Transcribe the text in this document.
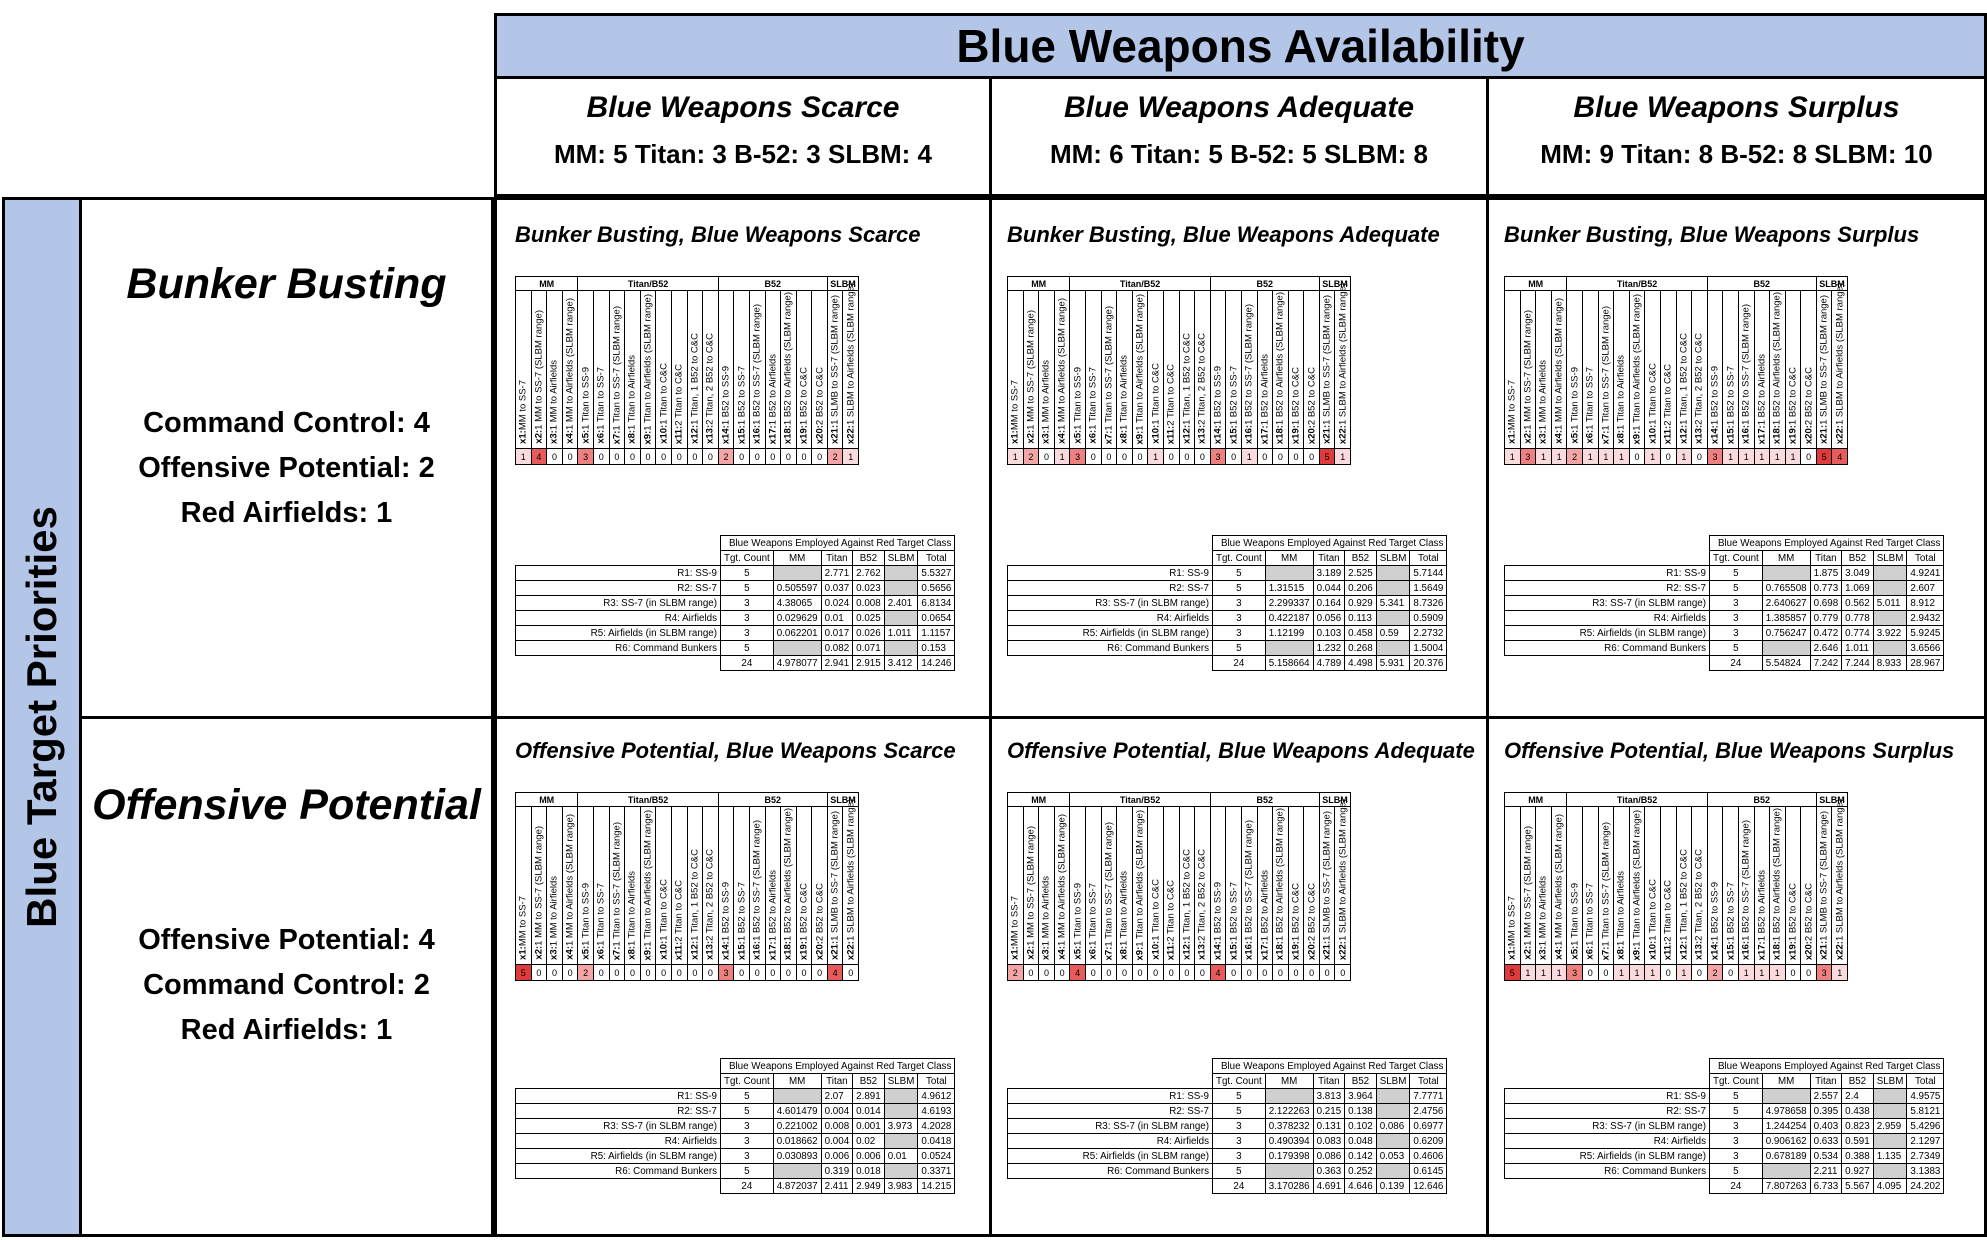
Blue Weapons Availability
Blue Weapons Scarce
MM: 5 Titan: 3 B-52: 3 SLBM: 4
Blue Weapons Adequate
MM: 6 Titan: 5 B-52: 5 SLBM: 8
Blue Weapons Surplus
MM: 9 Titan: 8 B-52: 8 SLBM: 10
Blue Target Priorities
Bunker Busting
Command Control: 4
Offensive Potential: 2
Red Airfields: 1
Offensive Potential
Offensive Potential: 4
Command Control: 2
Red Airfields: 1
Bunker Busting, Blue Weapons Scarce
MM				Titan/B52									B52							SLBM	

x1:MM to SS-7	x2:1 MM to SS-7 (SLBM range)	x3:1 MM to Airfields	x4:1 MM to Airfields (SLBM range)	x5:1 Titan to SS-9	x6:1 Titan to SS-7	x7:1 Titan to SS-7 (SLBM range)	x8:1 Titan to Airfields	x9:1 Titan to Airfields (SLBM range)	x10:1 Titan to C&C	x11:2 Titan to C&C	x12:1 Titan, 1 B52 to C&C	x13:2 Titan, 2 B52 to C&C	x14:1 B52 to SS-9	x15:1 B52 to SS-7	x16:1 B52 to SS-7 (SLBM range)	x17:1 B52 to Airfields	x18:1 B52 to Airfields (SLBM range)	x19:1 B52 to C&C	x20:2 B52 to C&C	x21:1 SLMB to SS-7 (SLBM range)	x22:1 SLBM to Airfields (SLBM range)

1	4	0	0	3	0	0	0	0	0	0	0	0	2	0	0	0	0	0	0	2	1
	Blue Weapons Employed Against Red Target Class					
	Tgt. Count	MM	Titan	B52	SLBM	Total
R1: SS-9	5		2.771	2.762		5.5327
R2: SS-7	5	0.505597	0.037	0.023		0.5656
R3: SS-7 (in SLBM range)	3	4.38065	0.024	0.008	2.401	6.8134
R4: Airfields	3	0.029629	0.01	0.025		0.0654
R5: Airfields (in SLBM range)	3	0.062201	0.017	0.026	1.011	1.1157
R6: Command Bunkers	5		0.082	0.071		0.153
	24	4.978077	2.941	2.915	3.412	14.246
Bunker Busting, Blue Weapons Adequate
MM				Titan/B52									B52							SLBM	

x1:MM to SS-7	x2:1 MM to SS-7 (SLBM range)	x3:1 MM to Airfields	x4:1 MM to Airfields (SLBM range)	x5:1 Titan to SS-9	x6:1 Titan to SS-7	x7:1 Titan to SS-7 (SLBM range)	x8:1 Titan to Airfields	x9:1 Titan to Airfields (SLBM range)	x10:1 Titan to C&C	x11:2 Titan to C&C	x12:1 Titan, 1 B52 to C&C	x13:2 Titan, 2 B52 to C&C	x14:1 B52 to SS-9	x15:1 B52 to SS-7	x16:1 B52 to SS-7 (SLBM range)	x17:1 B52 to Airfields	x18:1 B52 to Airfields (SLBM range)	x19:1 B52 to C&C	x20:2 B52 to C&C	x21:1 SLMB to SS-7 (SLBM range)	x22:1 SLBM to Airfields (SLBM range)

1	2	0	1	3	0	0	0	0	1	0	0	0	3	0	1	0	0	0	0	5	1
	Blue Weapons Employed Against Red Target Class					
	Tgt. Count	MM	Titan	B52	SLBM	Total
R1: SS-9	5		3.189	2.525		5.7144
R2: SS-7	5	1.31515	0.044	0.206		1.5649
R3: SS-7 (in SLBM range)	3	2.299337	0.164	0.929	5.341	8.7326
R4: Airfields	3	0.422187	0.056	0.113		0.5909
R5: Airfields (in SLBM range)	3	1.12199	0.103	0.458	0.59	2.2732
R6: Command Bunkers	5		1.232	0.268		1.5004
	24	5.158664	4.789	4.498	5.931	20.376
Bunker Busting, Blue Weapons Surplus
MM				Titan/B52									B52							SLBM	

x1:MM to SS-7	x2:1 MM to SS-7 (SLBM range)	x3:1 MM to Airfields	x4:1 MM to Airfields (SLBM range)	x5:1 Titan to SS-9	x6:1 Titan to SS-7	x7:1 Titan to SS-7 (SLBM range)	x8:1 Titan to Airfields	x9:1 Titan to Airfields (SLBM range)	x10:1 Titan to C&C	x11:2 Titan to C&C	x12:1 Titan, 1 B52 to C&C	x13:2 Titan, 2 B52 to C&C	x14:1 B52 to SS-9	x15:1 B52 to SS-7	x16:1 B52 to SS-7 (SLBM range)	x17:1 B52 to Airfields	x18:1 B52 to Airfields (SLBM range)	x19:1 B52 to C&C	x20:2 B52 to C&C	x21:1 SLMB to SS-7 (SLBM range)	x22:1 SLBM to Airfields (SLBM range)

1	3	1	1	2	1	1	1	0	1	0	1	0	3	1	1	1	1	1	0	5	4
	Blue Weapons Employed Against Red Target Class					
	Tgt. Count	MM	Titan	B52	SLBM	Total
R1: SS-9	5		1.875	3.049		4.9241
R2: SS-7	5	0.765508	0.773	1.069		2.607
R3: SS-7 (in SLBM range)	3	2.640627	0.698	0.562	5.011	8.912
R4: Airfields	3	1.385857	0.779	0.778		2.9432
R5: Airfields (in SLBM range)	3	0.756247	0.472	0.774	3.922	5.9245
R6: Command Bunkers	5		2.646	1.011		3.6566
	24	5.54824	7.242	7.244	8.933	28.967
Offensive Potential, Blue Weapons Scarce
MM				Titan/B52									B52							SLBM	

x1:MM to SS-7	x2:1 MM to SS-7 (SLBM range)	x3:1 MM to Airfields	x4:1 MM to Airfields (SLBM range)	x5:1 Titan to SS-9	x6:1 Titan to SS-7	x7:1 Titan to SS-7 (SLBM range)	x8:1 Titan to Airfields	x9:1 Titan to Airfields (SLBM range)	x10:1 Titan to C&C	x11:2 Titan to C&C	x12:1 Titan, 1 B52 to C&C	x13:2 Titan, 2 B52 to C&C	x14:1 B52 to SS-9	x15:1 B52 to SS-7	x16:1 B52 to SS-7 (SLBM range)	x17:1 B52 to Airfields	x18:1 B52 to Airfields (SLBM range)	x19:1 B52 to C&C	x20:2 B52 to C&C	x21:1 SLMB to SS-7 (SLBM range)	x22:1 SLBM to Airfields (SLBM range)

5	0	0	0	2	0	0	0	0	0	0	0	0	3	0	0	0	0	0	0	4	0
	Blue Weapons Employed Against Red Target Class					
	Tgt. Count	MM	Titan	B52	SLBM	Total
R1: SS-9	5		2.07	2.891		4.9612
R2: SS-7	5	4.601479	0.004	0.014		4.6193
R3: SS-7 (in SLBM range)	3	0.221002	0.008	0.001	3.973	4.2028
R4: Airfields	3	0.018662	0.004	0.02		0.0418
R5: Airfields (in SLBM range)	3	0.030893	0.006	0.006	0.01	0.0524
R6: Command Bunkers	5		0.319	0.018		0.3371
	24	4.872037	2.411	2.949	3.983	14.215
Offensive Potential, Blue Weapons Adequate
MM				Titan/B52									B52							SLBM	

x1:MM to SS-7	x2:1 MM to SS-7 (SLBM range)	x3:1 MM to Airfields	x4:1 MM to Airfields (SLBM range)	x5:1 Titan to SS-9	x6:1 Titan to SS-7	x7:1 Titan to SS-7 (SLBM range)	x8:1 Titan to Airfields	x9:1 Titan to Airfields (SLBM range)	x10:1 Titan to C&C	x11:2 Titan to C&C	x12:1 Titan, 1 B52 to C&C	x13:2 Titan, 2 B52 to C&C	x14:1 B52 to SS-9	x15:1 B52 to SS-7	x16:1 B52 to SS-7 (SLBM range)	x17:1 B52 to Airfields	x18:1 B52 to Airfields (SLBM range)	x19:1 B52 to C&C	x20:2 B52 to C&C	x21:1 SLMB to SS-7 (SLBM range)	x22:1 SLBM to Airfields (SLBM range)

2	0	0	0	4	0	0	0	0	0	0	0	0	4	0	0	0	0	0	0	0	0
	Blue Weapons Employed Against Red Target Class					
	Tgt. Count	MM	Titan	B52	SLBM	Total
R1: SS-9	5		3.813	3.964		7.7771
R2: SS-7	5	2.122263	0.215	0.138		2.4756
R3: SS-7 (in SLBM range)	3	0.378232	0.131	0.102	0.086	0.6977
R4: Airfields	3	0.490394	0.083	0.048		0.6209
R5: Airfields (in SLBM range)	3	0.179398	0.086	0.142	0.053	0.4606
R6: Command Bunkers	5		0.363	0.252		0.6145
	24	3.170286	4.691	4.646	0.139	12.646
Offensive Potential, Blue Weapons Surplus
MM				Titan/B52									B52							SLBM	

x1:MM to SS-7	x2:1 MM to SS-7 (SLBM range)	x3:1 MM to Airfields	x4:1 MM to Airfields (SLBM range)	x5:1 Titan to SS-9	x6:1 Titan to SS-7	x7:1 Titan to SS-7 (SLBM range)	x8:1 Titan to Airfields	x9:1 Titan to Airfields (SLBM range)	x10:1 Titan to C&C	x11:2 Titan to C&C	x12:1 Titan, 1 B52 to C&C	x13:2 Titan, 2 B52 to C&C	x14:1 B52 to SS-9	x15:1 B52 to SS-7	x16:1 B52 to SS-7 (SLBM range)	x17:1 B52 to Airfields	x18:1 B52 to Airfields (SLBM range)	x19:1 B52 to C&C	x20:2 B52 to C&C	x21:1 SLMB to SS-7 (SLBM range)	x22:1 SLBM to Airfields (SLBM range)

5	1	1	1	3	0	0	1	1	1	0	1	0	2	0	1	1	1	0	0	3	1
	Blue Weapons Employed Against Red Target Class					
	Tgt. Count	MM	Titan	B52	SLBM	Total
R1: SS-9	5		2.557	2.4		4.9575
R2: SS-7	5	4.978658	0.395	0.438		5.8121
R3: SS-7 (in SLBM range)	3	1.244254	0.403	0.823	2.959	5.4296
R4: Airfields	3	0.906162	0.633	0.591		2.1297
R5: Airfields (in SLBM range)	3	0.678189	0.534	0.388	1.135	2.7349
R6: Command Bunkers	5		2.211	0.927		3.1383
	24	7.807263	6.733	5.567	4.095	24.202
